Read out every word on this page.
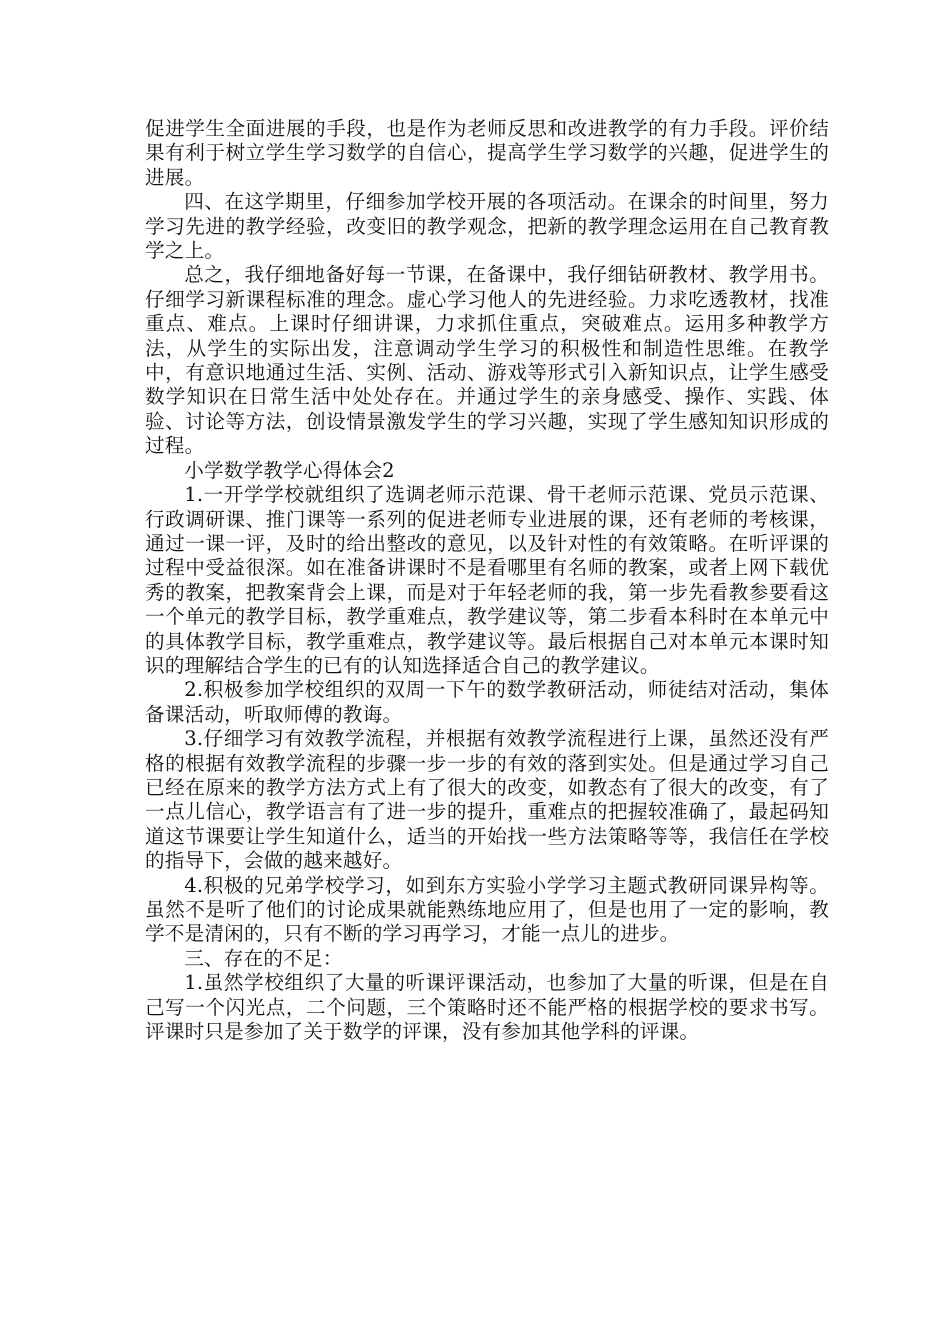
促进学生全面进展的手段，也是作为老师反思和改进教学的有力手段。评价结果有利于树立学生学习数学的自信心，提高学生学习数学的兴趣，促进学生的进展。

四、在这学期里，仔细参加学校开展的各项活动。在课余的时间里，努力学习先进的教学经验，改变旧的教学观念，把新的教学理念运用在自己教育教学之上。

总之，我仔细地备好每一节课，在备课中，我仔细钻研教材、教学用书。仔细学习新课程标准的理念。虚心学习他人的先进经验。力求吃透教材，找准重点、难点。上课时仔细讲课，力求抓住重点，突破难点。运用多种教学方法，从学生的实际出发，注意调动学生学习的积极性和制造性思维。在教学中，有意识地通过生活、实例、活动、游戏等形式引入新知识点，让学生感受数学知识在日常生活中处处存在。并通过学生的亲身感受、操作、实践、体验、讨论等方法，创设情景激发学生的学习兴趣，实现了学生感知知识形成的过程。

小学数学教学心得体会2

1.一开学学校就组织了选调老师示范课、骨干老师示范课、党员示范课、行政调研课、推门课等一系列的促进老师专业进展的课，还有老师的考核课，通过一课一评，及时的给出整改的意见，以及针对性的有效策略。在听评课的过程中受益很深。如在准备讲课时不是看哪里有名师的教案，或者上网下载优秀的教案，把教案背会上课，而是对于年轻老师的我，第一步先看教参要看这一个单元的教学目标，教学重难点，教学建议等，第二步看本科时在本单元中的具体教学目标，教学重难点，教学建议等。最后根据自己对本单元本课时知识的理解结合学生的已有的认知选择适合自己的教学建议。

2.积极参加学校组织的双周一下午的数学教研活动，师徒结对活动，集体备课活动，听取师傅的教诲。

3.仔细学习有效教学流程，并根据有效教学流程进行上课，虽然还没有严格的根据有效教学流程的步骤一步一步的有效的落到实处。但是通过学习自己已经在原来的教学方法方式上有了很大的改变，如教态有了很大的改变，有了一点儿信心，教学语言有了进一步的提升，重难点的把握较准确了，最起码知道这节课要让学生知道什么，适当的开始找一些方法策略等等，我信任在学校的指导下，会做的越来越好。

4.积极的兄弟学校学习，如到东方实验小学学习主题式教研同课异构等。虽然不是听了他们的讨论成果就能熟练地应用了，但是也用了一定的影响，教学不是清闲的，只有不断的学习再学习，才能一点儿的进步。

三、存在的不足：

1.虽然学校组织了大量的听课评课活动，也参加了大量的听课，但是在自己写一个闪光点，二个问题，三个策略时还不能严格的根据学校的要求书写。评课时只是参加了关于数学的评课，没有参加其他学科的评课。
